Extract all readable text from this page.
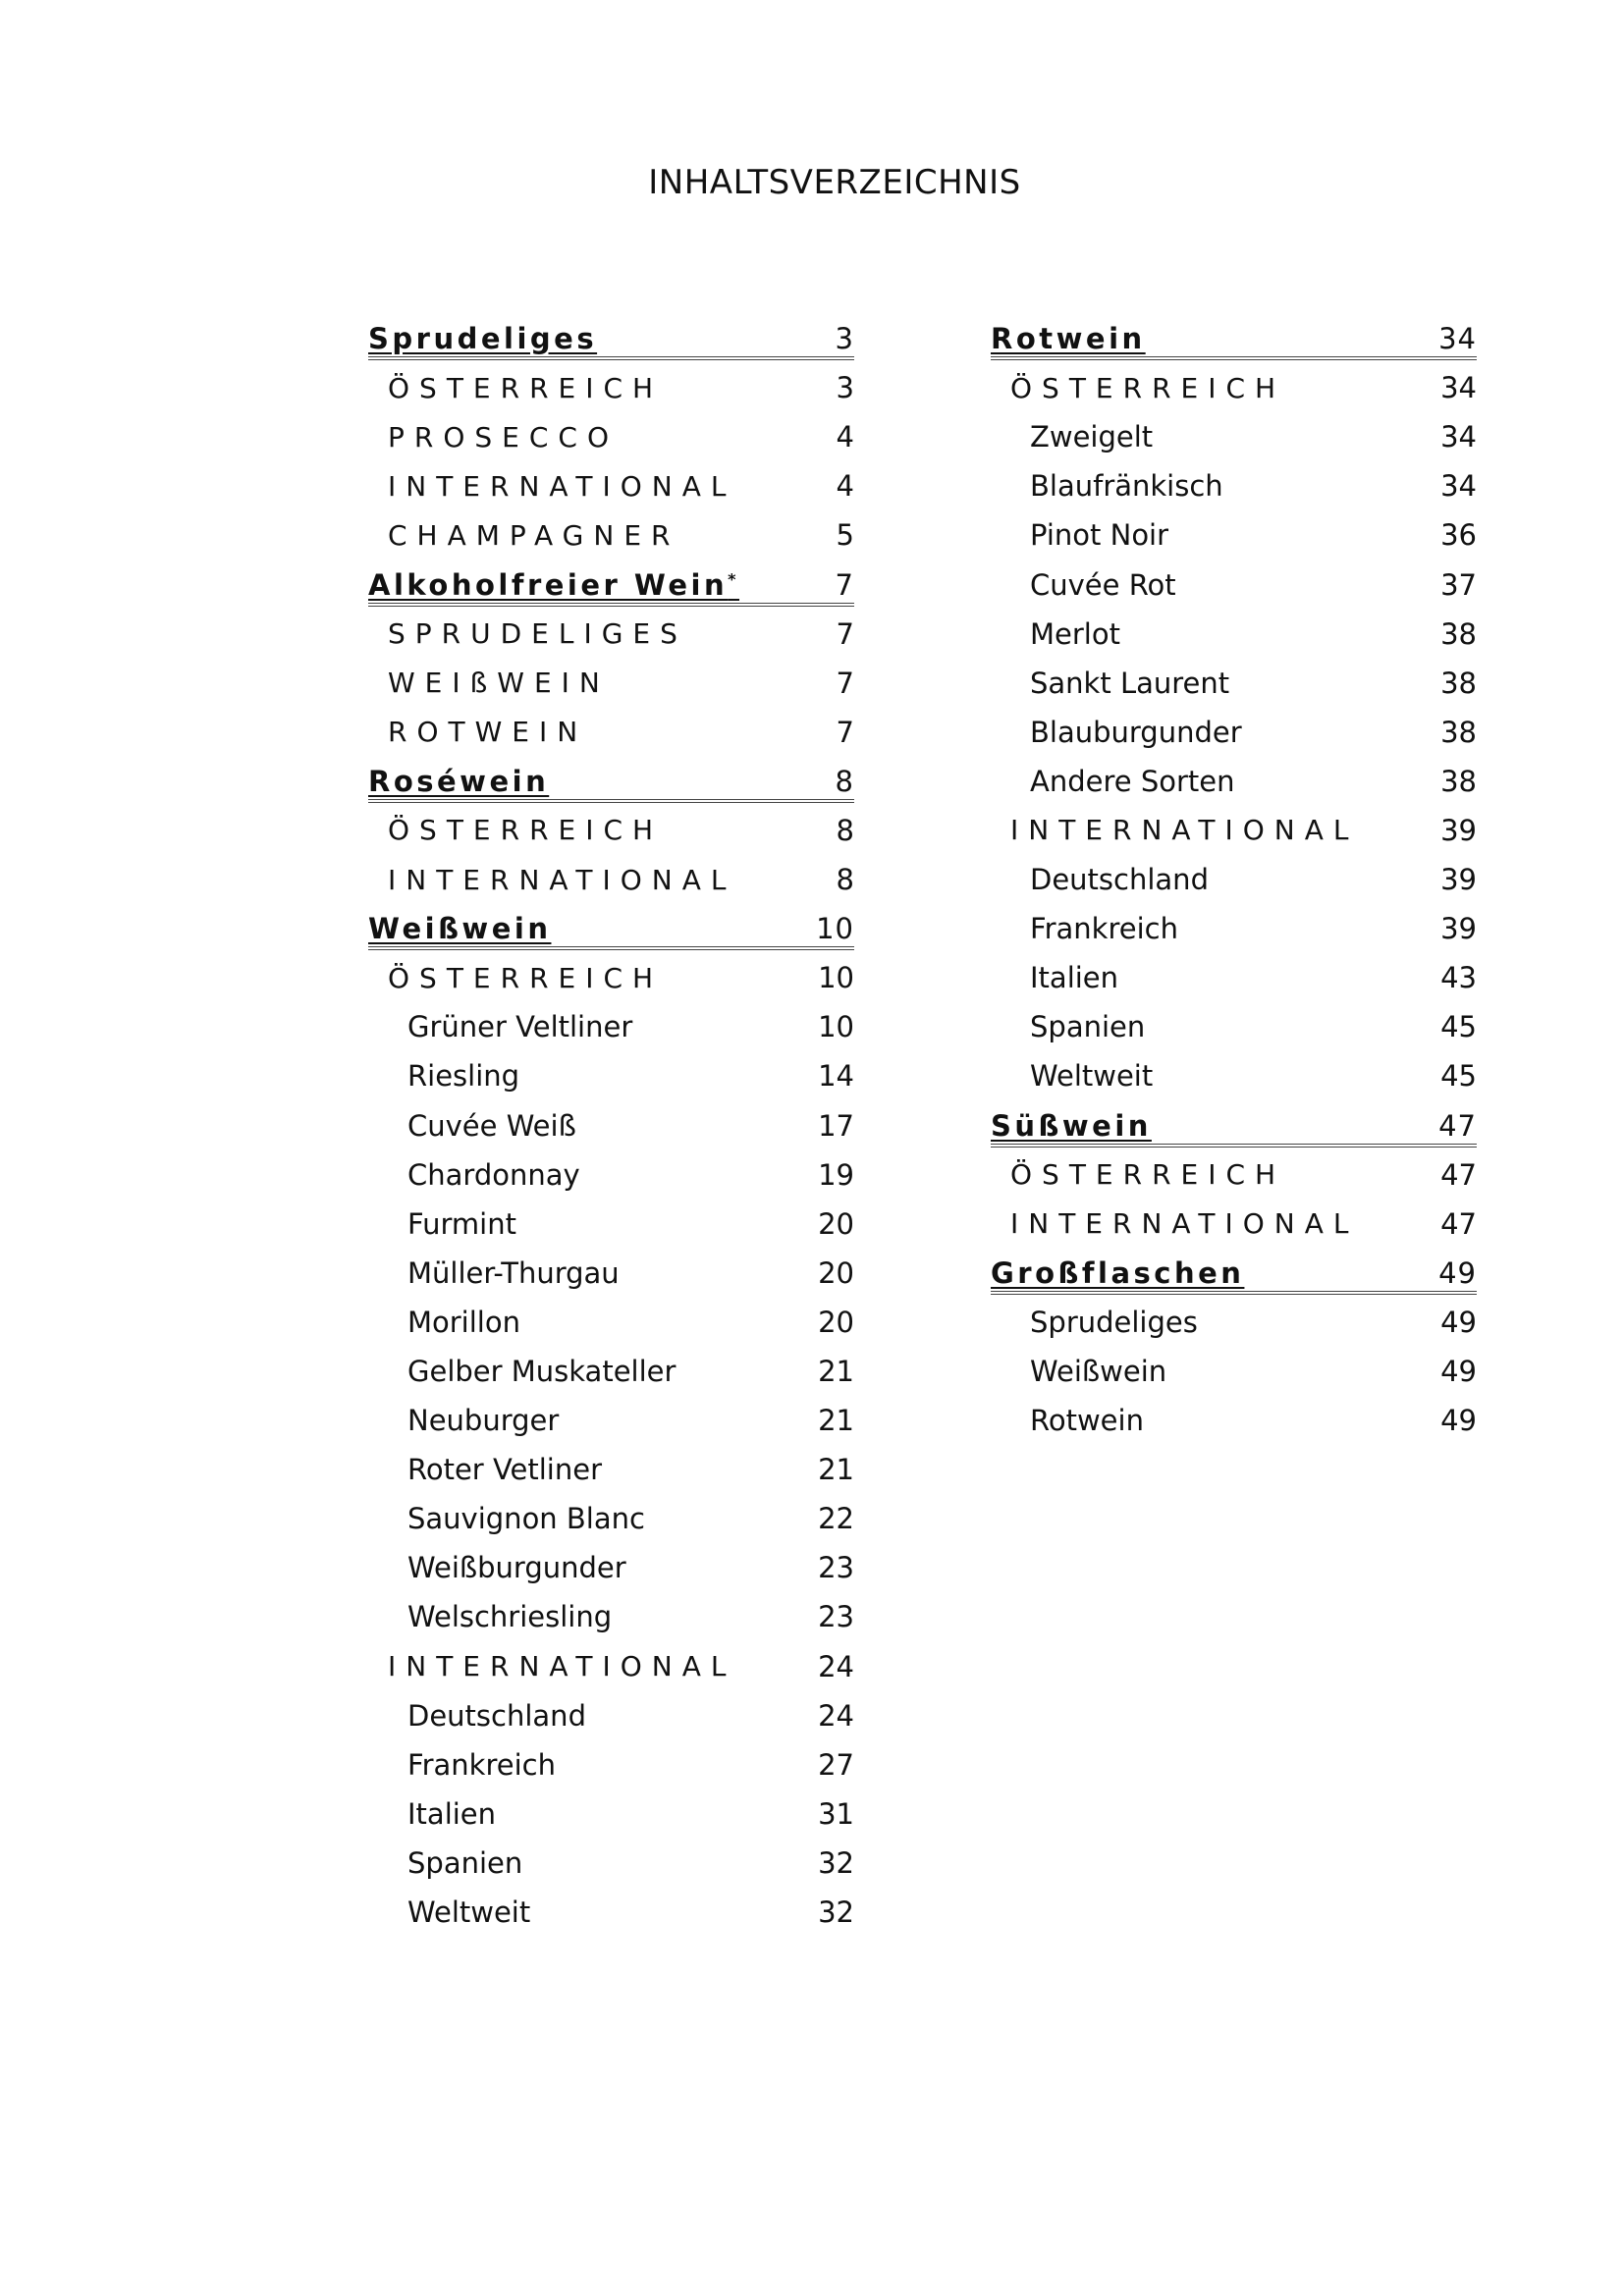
INHALTSVERZEICHNIS
Sprudeliges	3
ÖSTERREICH	3
PROSECCO	4
INTERNATIONAL	4
CHAMPAGNER	5
Alkoholfreier Wein*	7
SPRUDELIGES	7
WEIßWEIN	7
ROTWEIN	7
Roséwein	8
ÖSTERREICH	8
INTERNATIONAL	8
Weißwein	10
ÖSTERREICH	10
Grüner Veltliner	10
Riesling	14
Cuvée Weiß	17
Chardonnay	19
Furmint	20
Müller-Thurgau	20
Morillon	20
Gelber Muskateller	21
Neuburger	21
Roter Vetliner	21
Sauvignon Blanc	22
Weißburgunder	23
Welschriesling	23
INTERNATIONAL	24
Deutschland	24
Frankreich	27
Italien	31
Spanien	32
Weltweit	32
Rotwein	34
ÖSTERREICH	34
Zweigelt	34
Blaufränkisch	34
Pinot Noir	36
Cuvée Rot	37
Merlot	38
Sankt Laurent	38
Blauburgunder	38
Andere Sorten	38
INTERNATIONAL	39
Deutschland	39
Frankreich	39
Italien	43
Spanien	45
Weltweit	45
Süßwein	47
ÖSTERREICH	47
INTERNATIONAL	47
Großflaschen	49
Sprudeliges	49
Weißwein	49
Rotwein	49
